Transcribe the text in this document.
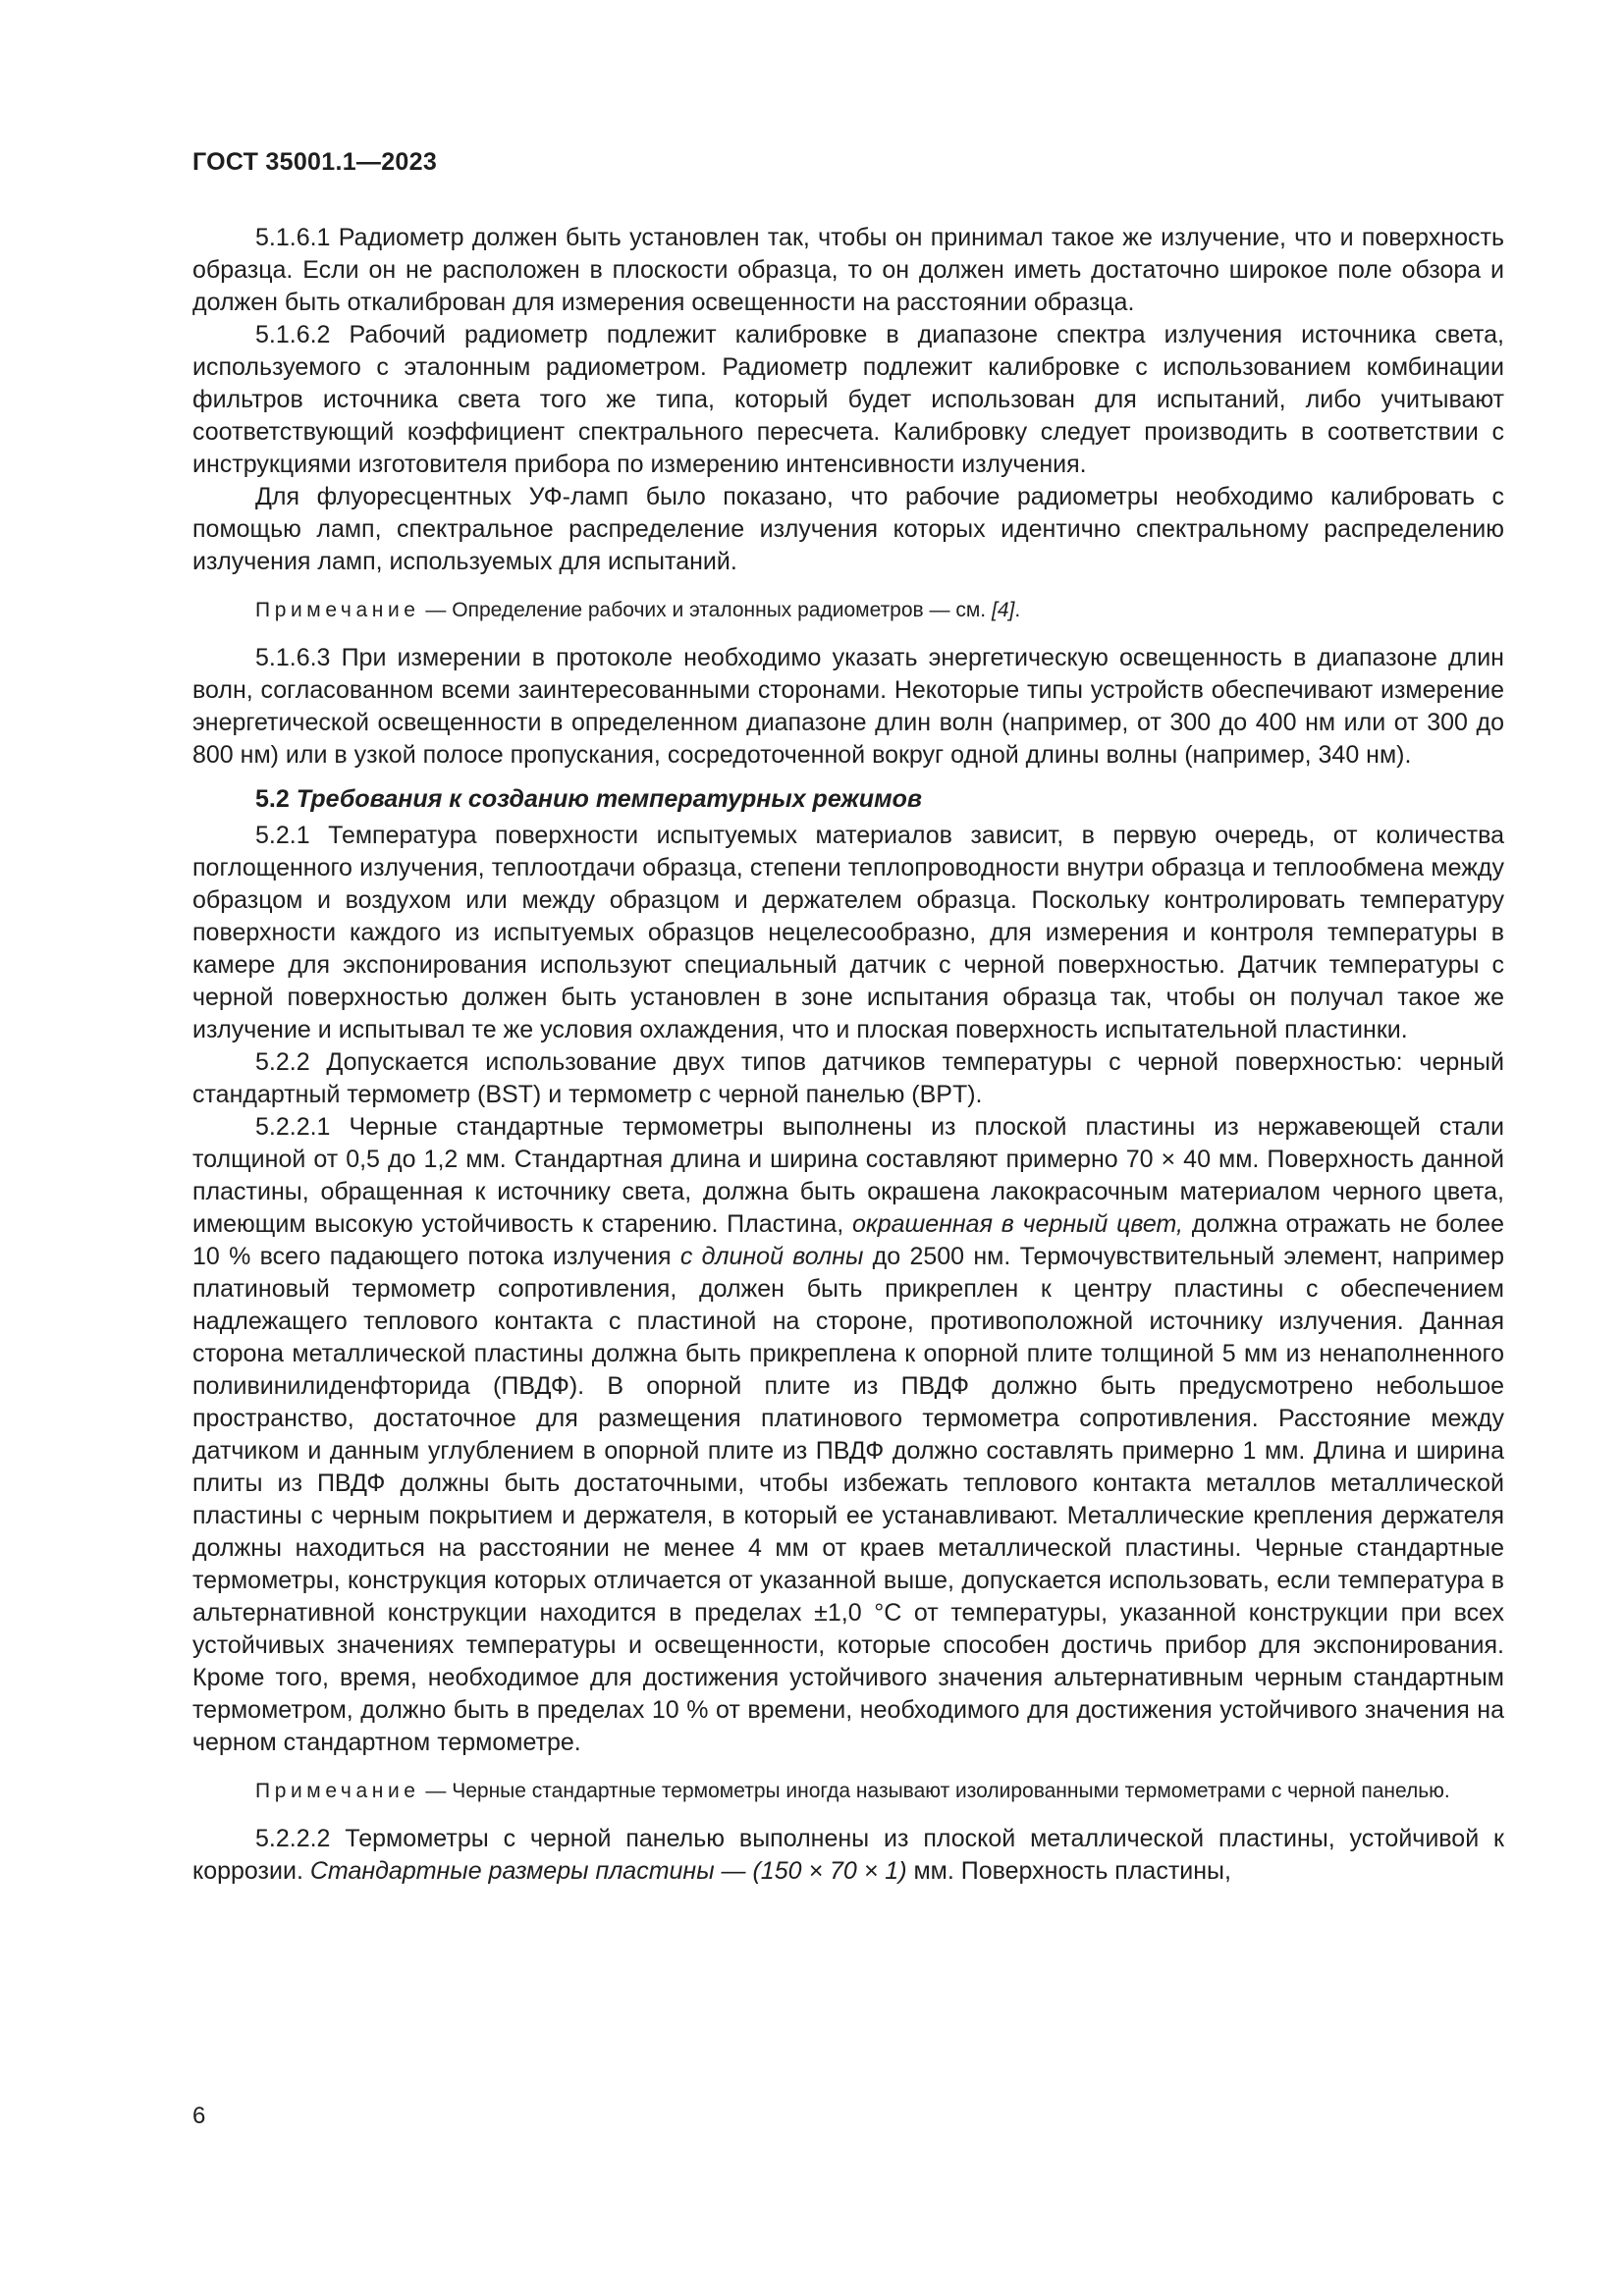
ГОСТ 35001.1—2023

5.1.6.1 Радиометр должен быть установлен так, чтобы он принимал такое же излучение, что и поверхность образца. Если он не расположен в плоскости образца, то он должен иметь достаточно широкое поле обзора и должен быть откалиброван для измерения освещенности на расстоянии образца.

5.1.6.2 Рабочий радиометр подлежит калибровке в диапазоне спектра излучения источника света, используемого с эталонным радиометром. Радиометр подлежит калибровке с использованием комбинации фильтров источника света того же типа, который будет использован для испытаний, либо учитывают соответствующий коэффициент спектрального пересчета. Калибровку следует производить в соответствии с инструкциями изготовителя прибора по измерению интенсивности излучения.

Для флуоресцентных УФ-ламп было показано, что рабочие радиометры необходимо калибровать с помощью ламп, спектральное распределение излучения которых идентично спектральному распределению излучения ламп, используемых для испытаний.

Примечание — Определение рабочих и эталонных радиометров — см. [4].

5.1.6.3 При измерении в протоколе необходимо указать энергетическую освещенность в диапазоне длин волн, согласованном всеми заинтересованными сторонами. Некоторые типы устройств обеспечивают измерение энергетической освещенности в определенном диапазоне длин волн (например, от 300 до 400 нм или от 300 до 800 нм) или в узкой полосе пропускания, сосредоточенной вокруг одной длины волны (например, 340 нм).

5.2 Требования к созданию температурных режимов

5.2.1 Температура поверхности испытуемых материалов зависит, в первую очередь, от количества поглощенного излучения, теплоотдачи образца, степени теплопроводности внутри образца и теплообмена между образцом и воздухом или между образцом и держателем образца. Поскольку контролировать температуру поверхности каждого из испытуемых образцов нецелесообразно, для измерения и контроля температуры в камере для экспонирования используют специальный датчик с черной поверхностью. Датчик температуры с черной поверхностью должен быть установлен в зоне испытания образца так, чтобы он получал такое же излучение и испытывал те же условия охлаждения, что и плоская поверхность испытательной пластинки.

5.2.2 Допускается использование двух типов датчиков температуры с черной поверхностью: черный стандартный термометр (BST) и термометр с черной панелью (BPT).

5.2.2.1 Черные стандартные термометры выполнены из плоской пластины из нержавеющей стали толщиной от 0,5 до 1,2 мм. Стандартная длина и ширина составляют примерно 70 × 40 мм. Поверхность данной пластины, обращенная к источнику света, должна быть окрашена лакокрасочным материалом черного цвета, имеющим высокую устойчивость к старению. Пластина, окрашенная в черный цвет, должна отражать не более 10 % всего падающего потока излучения с длиной волны до 2500 нм. Термочувствительный элемент, например платиновый термометр сопротивления, должен быть прикреплен к центру пластины с обеспечением надлежащего теплового контакта с пластиной на стороне, противоположной источнику излучения. Данная сторона металлической пластины должна быть прикреплена к опорной плите толщиной 5 мм из ненаполненного поливинилиденфторида (ПВДФ). В опорной плите из ПВДФ должно быть предусмотрено небольшое пространство, достаточное для размещения платинового термометра сопротивления. Расстояние между датчиком и данным углублением в опорной плите из ПВДФ должно составлять примерно 1 мм. Длина и ширина плиты из ПВДФ должны быть достаточными, чтобы избежать теплового контакта металлов металлической пластины с черным покрытием и держателя, в который ее устанавливают. Металлические крепления держателя должны находиться на расстоянии не менее 4 мм от краев металлической пластины. Черные стандартные термометры, конструкция которых отличается от указанной выше, допускается использовать, если температура в альтернативной конструкции находится в пределах ±1,0 °С от температуры, указанной конструкции при всех устойчивых значениях температуры и освещенности, которые способен достичь прибор для экспонирования. Кроме того, время, необходимое для достижения устойчивого значения альтернативным черным стандартным термометром, должно быть в пределах 10 % от времени, необходимого для достижения устойчивого значения на черном стандартном термометре.

Примечание — Черные стандартные термометры иногда называют изолированными термометрами с черной панелью.

5.2.2.2 Термометры с черной панелью выполнены из плоской металлической пластины, устойчивой к коррозии. Стандартные размеры пластины — (150 × 70 × 1) мм. Поверхность пластины,

6
